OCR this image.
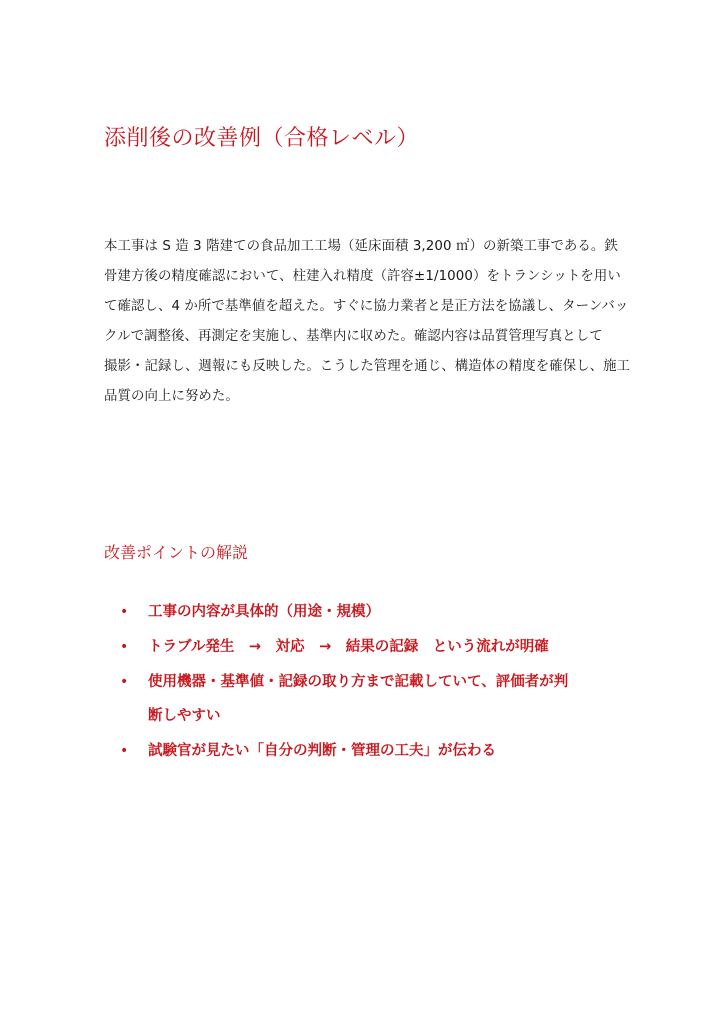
添削後の改善例（合格レベル）
本工事は S 造 3 階建ての食品加工工場（延床面積 3,200 ㎡）の新築工事である。鉄
骨建方後の精度確認において、柱建入れ精度（許容±1/1000）をトランシットを用い
て確認し、4 か所で基準値を超えた。すぐに協力業者と是正方法を協議し、ターンバッ
クルで調整後、再測定を実施し、基準内に収めた。確認内容は品質管理写真として
撮影・記録し、週報にも反映した。こうした管理を通じ、構造体の精度を確保し、施工
品質の向上に努めた。
改善ポイントの解説
• 工事の内容が具体的（用途・規模）
• トラブル発生　→　対応　→　結果の記録　という流れが明確
• 使用機器・基準値・記録の取り方まで記載していて、評価者が判
断しやすい
• 試験官が見たい「自分の判断・管理の工夫」が伝わる
